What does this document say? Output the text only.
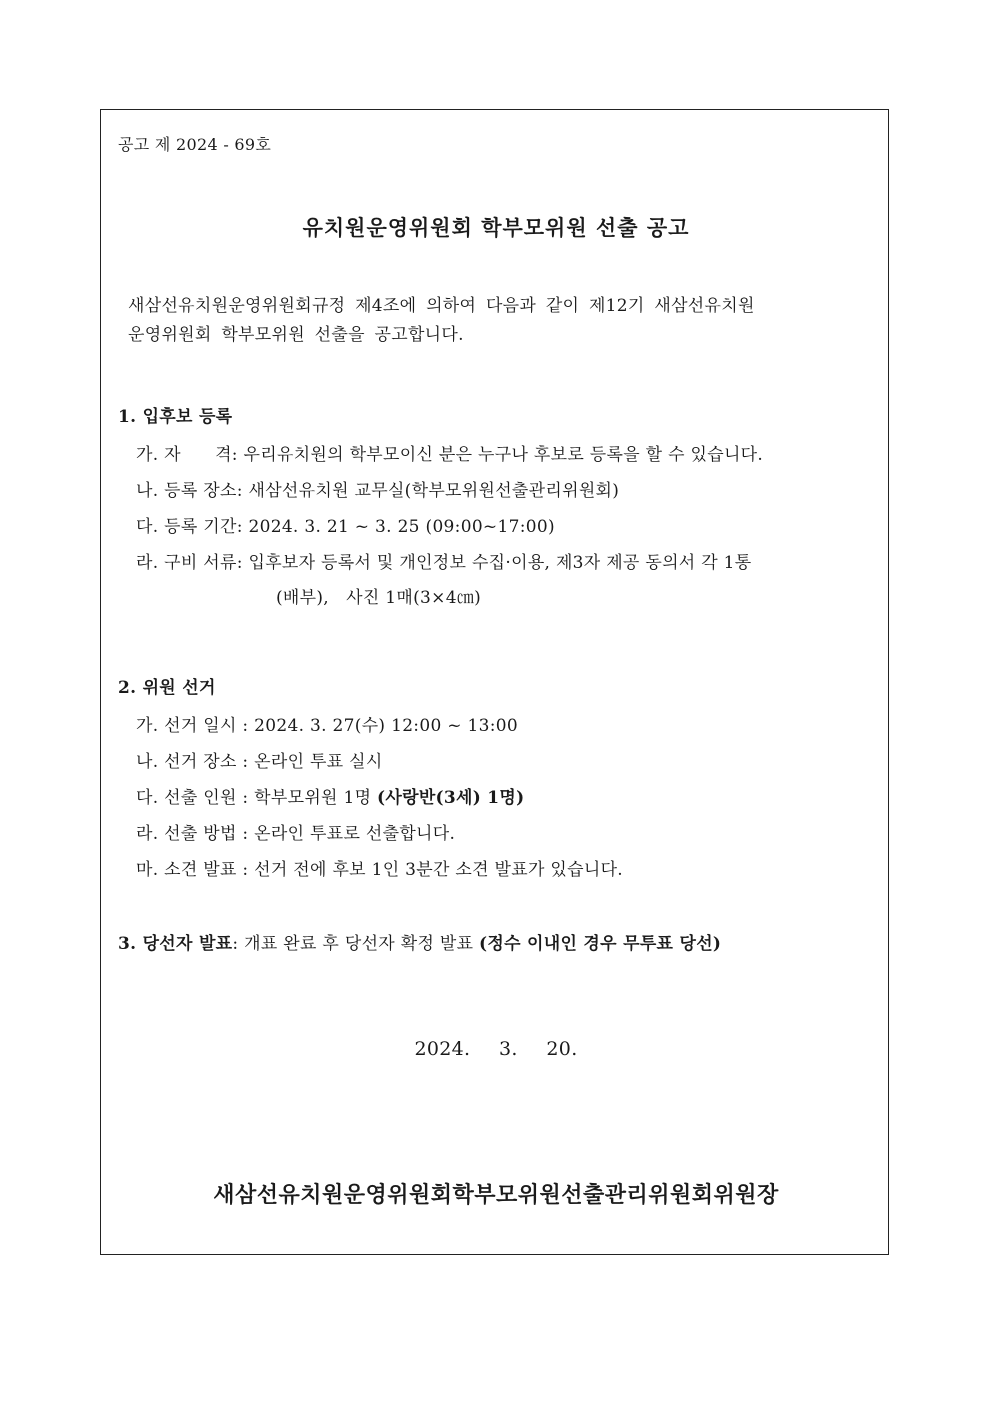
공고 제 2024 - 69호
유치원운영위원회 학부모위원 선출 공고
새삼선유치원운영위원회규정 제4조에 의하여 다음과 같이 제12기 새삼선유치원
운영위원회 학부모위원 선출을 공고합니다.
1. 입후보 등록
가. 자      격: 우리유치원의 학부모이신 분은 누구나 후보로 등록을 할 수 있습니다.
나. 등록 장소: 새삼선유치원 교무실(학부모위원선출관리위원회)
다. 등록 기간: 2024. 3. 21 ~ 3. 25 (09:00~17:00)
라. 구비 서류: 입후보자 등록서 및 개인정보 수집·이용, 제3자 제공 동의서 각 1통
(배부),   사진 1매(3×4㎝)
2. 위원 선거
가. 선거 일시 : 2024. 3. 27(수) 12:00 ~ 13:00
나. 선거 장소 : 온라인 투표 실시
다. 선출 인원 : 학부모위원 1명 (사랑반(3세) 1명)
라. 선출 방법 : 온라인 투표로 선출합니다.
마. 소견 발표 : 선거 전에 후보 1인 3분간 소견 발표가 있습니다.
3. 당선자 발표: 개표 완료 후 당선자 확정 발표 (정수 이내인 경우 무투표 당선)
2024.  3.  20.
새삼선유치원운영위원회학부모위원선출관리위원회위원장
